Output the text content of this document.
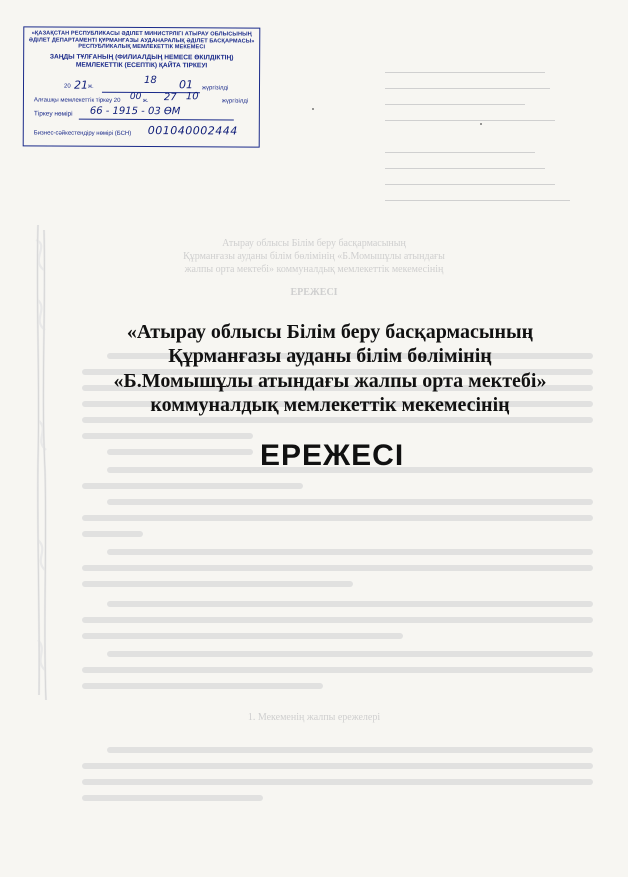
«ҚАЗАҚСТАН РЕСПУБЛИКАСЫ ӘДІЛЕТ МИНИСТРЛІГІ АТЫРАУ ОБЛЫСЫНЫҢ
ӘДІЛЕТ ДЕПАРТАМЕНТІ ҚҰРМАНҒАЗЫ АУДАНАРАЛЫҚ ӘДІЛЕТ БАСҚАРМАСЫ»
РЕСПУБЛИКАЛЫҚ МЕМЛЕКЕТТІК МЕКЕМЕСІ
ЗАҢДЫ ТҰЛҒАНЫҢ (ФИЛИАЛДЫҢ НЕМЕСЕ ӨКІЛДІКТІҢ)
МЕМЛЕКЕТТІК (ЕСЕПТІК) ҚАЙТА ТІРКЕУІ
20 21 ж.
18 01 жүргізілді
Алғашқы мемлекеттік тіркеу 20 00 ж. 27 10	жүргізілді
Тіркеу нөмірі 66 - 1915 - 03 ӨМ
Бизнес-сәйкестендіру нөмірі (БСН) 001040002444
Атырау облысы Білім беру басқармасының
Құрманғазы ауданы білім бөлімінің «Б.Момышұлы атындағы
жалпы орта мектебі» коммуналдық мемлекеттік мекемесінің
ЕРЕЖЕСІ
1. Мекеменің жалпы ережелері
«Атырау облысы Білім беру басқармасының
Құрманғазы ауданы білім бөлімінің
«Б.Момышұлы атындағы жалпы орта мектебі»
коммуналдық мемлекеттік мекемесінің
ЕРЕЖЕСІ
